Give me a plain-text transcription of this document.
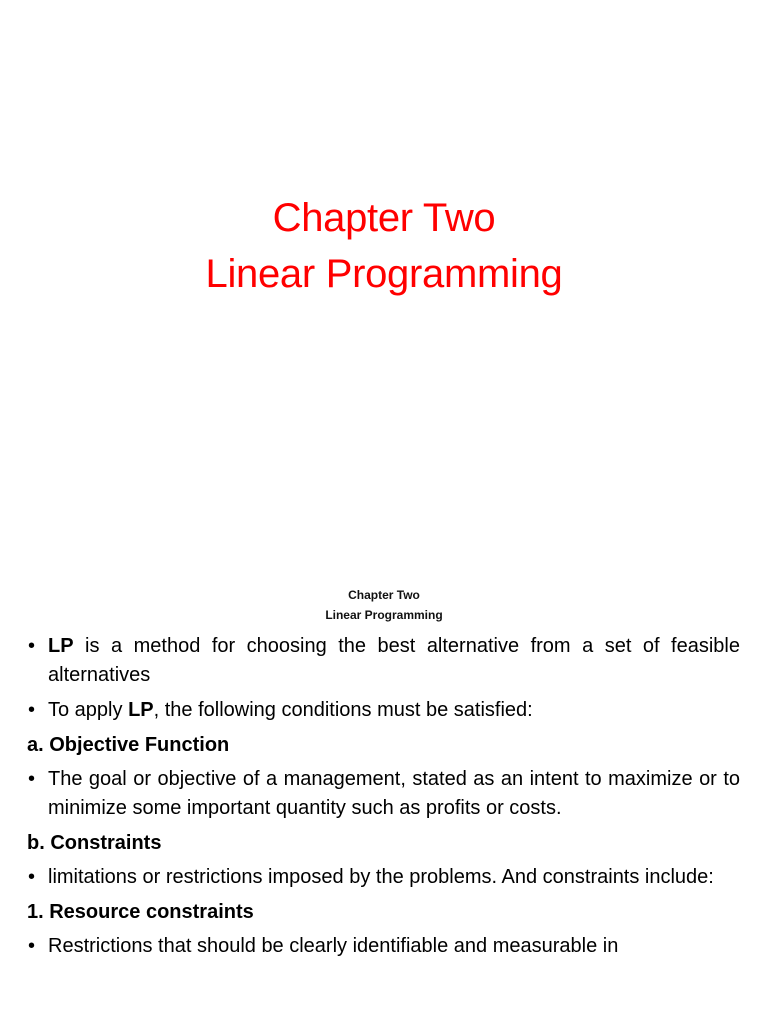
Chapter Two
Linear Programming
Chapter Two
Linear Programming
• LP is a method for choosing the best alternative from a set of feasible alternatives
• To apply LP, the following conditions must be satisfied:
a. Objective Function
• The goal or objective of a management, stated as an intent to maximize or to minimize some important quantity such as profits or costs.
b. Constraints
• limitations or restrictions imposed by the problems. And constraints include:
1. Resource constraints
• Restrictions that should be clearly identifiable and measurable in
